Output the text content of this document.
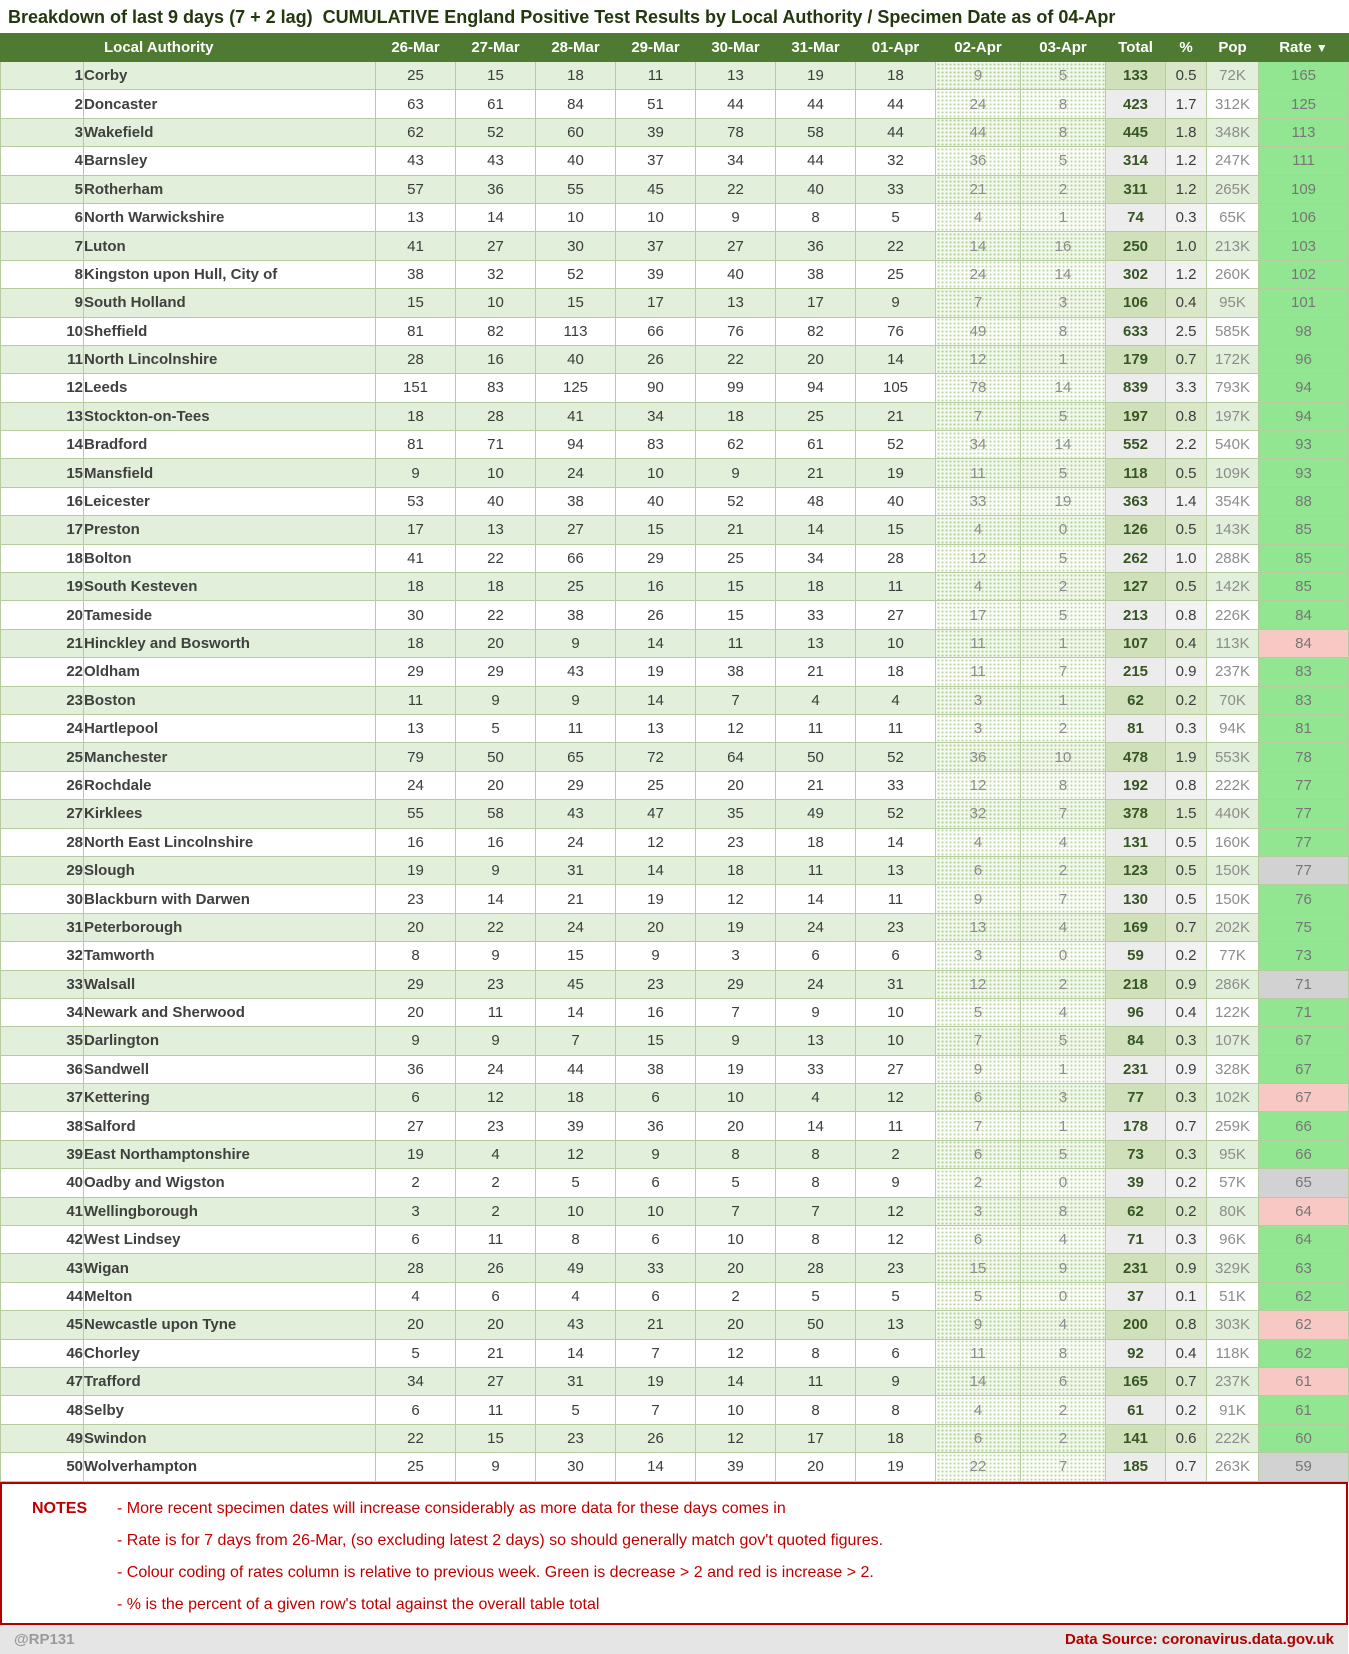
Breakdown of last 9 days (7 + 2 lag)  CUMULATIVE England Positive Test Results by Local Authority / Specimen Date as of 04-Apr
	Local Authority	26-Mar	27-Mar	28-Mar	29-Mar	30-Mar	31-Mar	01-Apr	02-Apr	03-Apr	Total	%	Pop	Rate ▼
1	Corby	25	15	18	11	13	19	18	9	5	133	0.5	72K	165
2	Doncaster	63	61	84	51	44	44	44	24	8	423	1.7	312K	125
3	Wakefield	62	52	60	39	78	58	44	44	8	445	1.8	348K	113
4	Barnsley	43	43	40	37	34	44	32	36	5	314	1.2	247K	111
5	Rotherham	57	36	55	45	22	40	33	21	2	311	1.2	265K	109
6	North Warwickshire	13	14	10	10	9	8	5	4	1	74	0.3	65K	106
7	Luton	41	27	30	37	27	36	22	14	16	250	1.0	213K	103
8	Kingston upon Hull, City of	38	32	52	39	40	38	25	24	14	302	1.2	260K	102
9	South Holland	15	10	15	17	13	17	9	7	3	106	0.4	95K	101
10	Sheffield	81	82	113	66	76	82	76	49	8	633	2.5	585K	98
11	North Lincolnshire	28	16	40	26	22	20	14	12	1	179	0.7	172K	96
12	Leeds	151	83	125	90	99	94	105	78	14	839	3.3	793K	94
13	Stockton-on-Tees	18	28	41	34	18	25	21	7	5	197	0.8	197K	94
14	Bradford	81	71	94	83	62	61	52	34	14	552	2.2	540K	93
15	Mansfield	9	10	24	10	9	21	19	11	5	118	0.5	109K	93
16	Leicester	53	40	38	40	52	48	40	33	19	363	1.4	354K	88
17	Preston	17	13	27	15	21	14	15	4	0	126	0.5	143K	85
18	Bolton	41	22	66	29	25	34	28	12	5	262	1.0	288K	85
19	South Kesteven	18	18	25	16	15	18	11	4	2	127	0.5	142K	85
20	Tameside	30	22	38	26	15	33	27	17	5	213	0.8	226K	84
21	Hinckley and Bosworth	18	20	9	14	11	13	10	11	1	107	0.4	113K	84
22	Oldham	29	29	43	19	38	21	18	11	7	215	0.9	237K	83
23	Boston	11	9	9	14	7	4	4	3	1	62	0.2	70K	83
24	Hartlepool	13	5	11	13	12	11	11	3	2	81	0.3	94K	81
25	Manchester	79	50	65	72	64	50	52	36	10	478	1.9	553K	78
26	Rochdale	24	20	29	25	20	21	33	12	8	192	0.8	222K	77
27	Kirklees	55	58	43	47	35	49	52	32	7	378	1.5	440K	77
28	North East Lincolnshire	16	16	24	12	23	18	14	4	4	131	0.5	160K	77
29	Slough	19	9	31	14	18	11	13	6	2	123	0.5	150K	77
30	Blackburn with Darwen	23	14	21	19	12	14	11	9	7	130	0.5	150K	76
31	Peterborough	20	22	24	20	19	24	23	13	4	169	0.7	202K	75
32	Tamworth	8	9	15	9	3	6	6	3	0	59	0.2	77K	73
33	Walsall	29	23	45	23	29	24	31	12	2	218	0.9	286K	71
34	Newark and Sherwood	20	11	14	16	7	9	10	5	4	96	0.4	122K	71
35	Darlington	9	9	7	15	9	13	10	7	5	84	0.3	107K	67
36	Sandwell	36	24	44	38	19	33	27	9	1	231	0.9	328K	67
37	Kettering	6	12	18	6	10	4	12	6	3	77	0.3	102K	67
38	Salford	27	23	39	36	20	14	11	7	1	178	0.7	259K	66
39	East Northamptonshire	19	4	12	9	8	8	2	6	5	73	0.3	95K	66
40	Oadby and Wigston	2	2	5	6	5	8	9	2	0	39	0.2	57K	65
41	Wellingborough	3	2	10	10	7	7	12	3	8	62	0.2	80K	64
42	West Lindsey	6	11	8	6	10	8	12	6	4	71	0.3	96K	64
43	Wigan	28	26	49	33	20	28	23	15	9	231	0.9	329K	63
44	Melton	4	6	4	6	2	5	5	5	0	37	0.1	51K	62
45	Newcastle upon Tyne	20	20	43	21	20	50	13	9	4	200	0.8	303K	62
46	Chorley	5	21	14	7	12	8	6	11	8	92	0.4	118K	62
47	Trafford	34	27	31	19	14	11	9	14	6	165	0.7	237K	61
48	Selby	6	11	5	7	10	8	8	4	2	61	0.2	91K	61
49	Swindon	22	15	23	26	12	17	18	6	2	141	0.6	222K	60
50	Wolverhampton	25	9	30	14	39	20	19	22	7	185	0.7	263K	59
NOTES	- More recent specimen dates will increase considerably as more data for these days comes in
- Rate is for 7 days from 26-Mar, (so excluding latest 2 days) so should generally match gov't quoted figures.
- Colour coding of rates column is relative to previous week. Green is decrease > 2 and red is increase > 2.
- % is the percent of a given row's total against the overall table total
@RP131	Data Source: coronavirus.data.gov.uk
